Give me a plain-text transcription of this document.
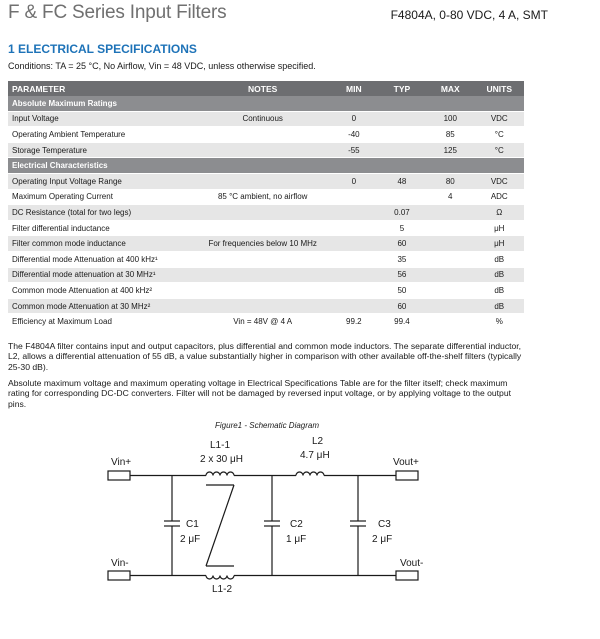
F & FC Series Input Filters	F4804A, 0-80 VDC, 4 A, SMT
1 ELECTRICAL SPECIFICATIONS
Conditions: TA = 25 °C, No Airflow, Vin = 48 VDC, unless otherwise specified.
PARAMETER	NOTES	MIN	TYP	MAX	UNITS
Absolute Maximum Ratings					
Input Voltage	Continuous	0		100	VDC
Operating Ambient Temperature		-40		85	°C
Storage Temperature		-55		125	°C
Electrical Characteristics					
Operating Input Voltage Range		0	48	80	VDC
Maximum Operating Current	85 °C ambient, no airflow			4	ADC
DC Resistance (total for two legs)			0.07		Ω
Filter differential inductance			5		μH
Filter common mode inductance	For frequencies below 10 MHz		60		μH
Differential mode Attenuation at 400 kHz¹			35		dB
Differential mode attenuation at 30 MHz¹			56		dB
Common mode Attenuation at 400 kHz²			50		dB
Common mode Attenuation at 30 MHz²			60		dB
Efficiency at Maximum Load	Vin = 48V @ 4 A	99.2	99.4		%
The F4804A filter contains input and output capacitors, plus differential and common mode inductors. The separate differential inductor, L2, allows a differential attenuation of 55 dB, a value substantially higher in comparison with other available off-the-shelf filters (typically 25-30 dB).
Absolute maximum voltage and maximum operating voltage in Electrical Specifications Table are for the filter itself; check maximum rating for corresponding DC-DC converters. Filter will not be damaged by reversed input voltage, or by applying voltage to the output pins.
Figure1 - Schematic Diagram
Vin+
Vin-
Vout+
Vout-
L1-1
2 x 30 μH
L1-2
L2
4.7 μH
C1
2 μF
C2
1 μF
C3
2 μF
